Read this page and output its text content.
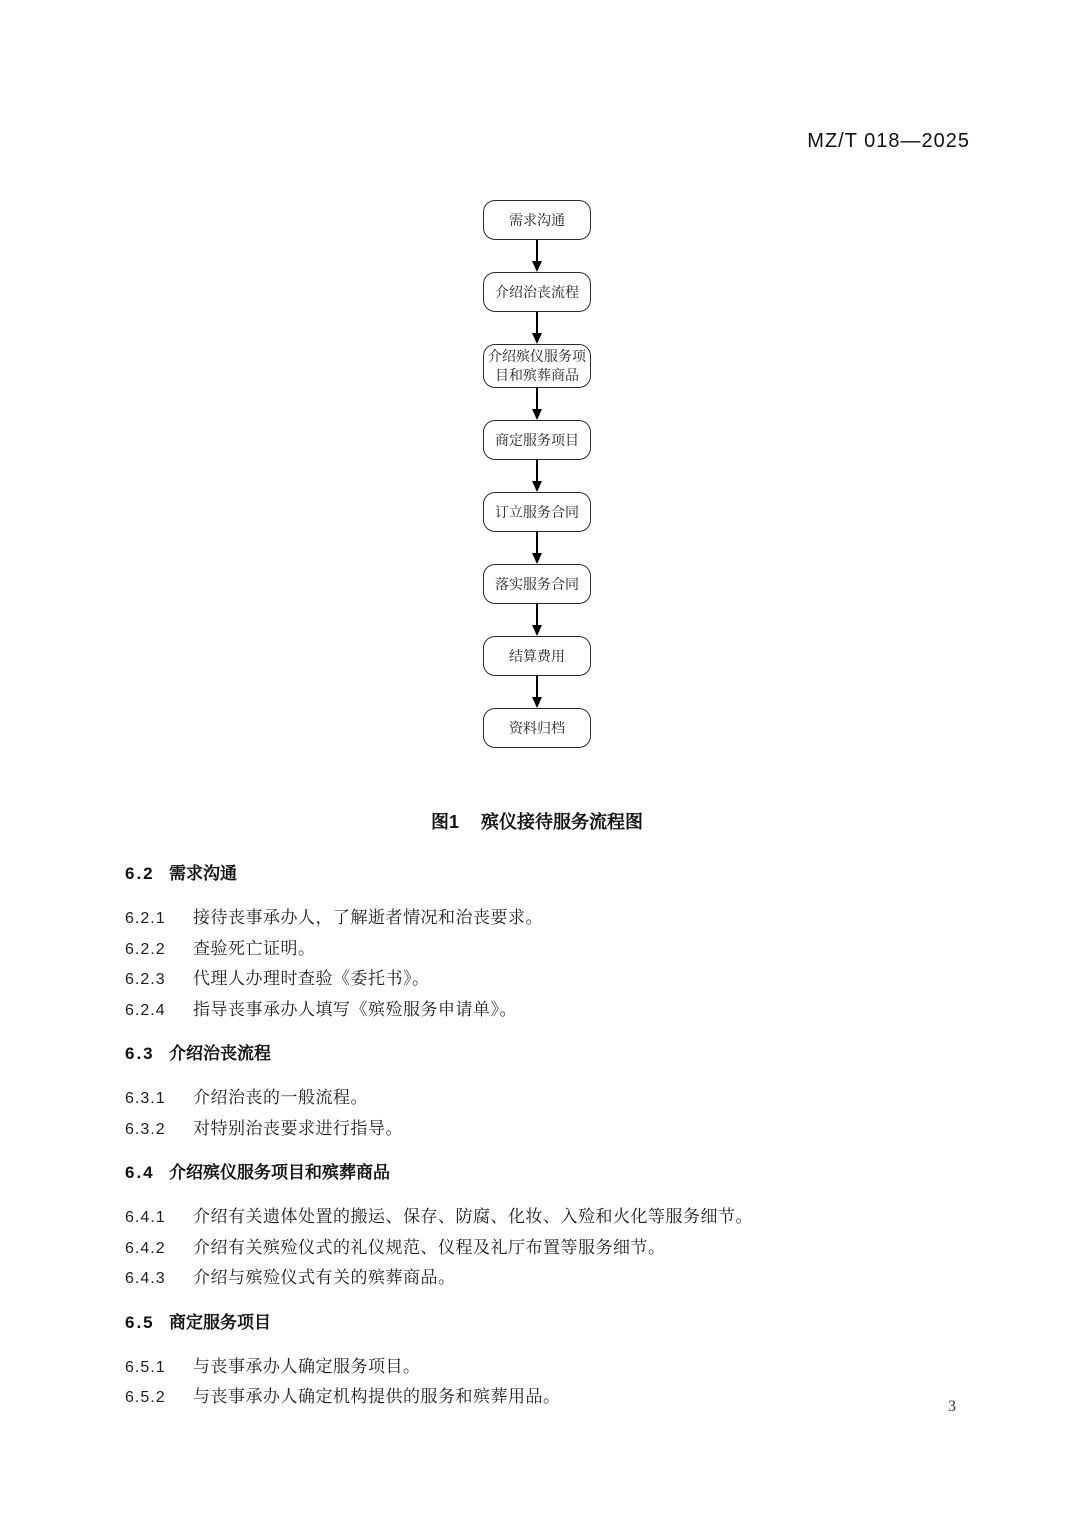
MZ/T 018—2025
需求沟通
介绍治丧流程
介绍殡仪服务项目和殡葬商品
商定服务项目
订立服务合同
落实服务合同
结算费用
资料归档
图1 殡仪接待服务流程图
6.2 需求沟通
6.2.1	接待丧事承办人，了解逝者情况和治丧要求。
6.2.2	查验死亡证明。
6.2.3	代理人办理时查验《委托书》。
6.2.4	指导丧事承办人填写《殡殓服务申请单》。
6.3 介绍治丧流程
6.3.1	介绍治丧的一般流程。
6.3.2	对特别治丧要求进行指导。
6.4 介绍殡仪服务项目和殡葬商品
6.4.1	介绍有关遗体处置的搬运、保存、防腐、化妆、入殓和火化等服务细节。
6.4.2	介绍有关殡殓仪式的礼仪规范、仪程及礼厅布置等服务细节。
6.4.3	介绍与殡殓仪式有关的殡葬商品。
6.5 商定服务项目
6.5.1	与丧事承办人确定服务项目。
6.5.2	与丧事承办人确定机构提供的服务和殡葬用品。
3
